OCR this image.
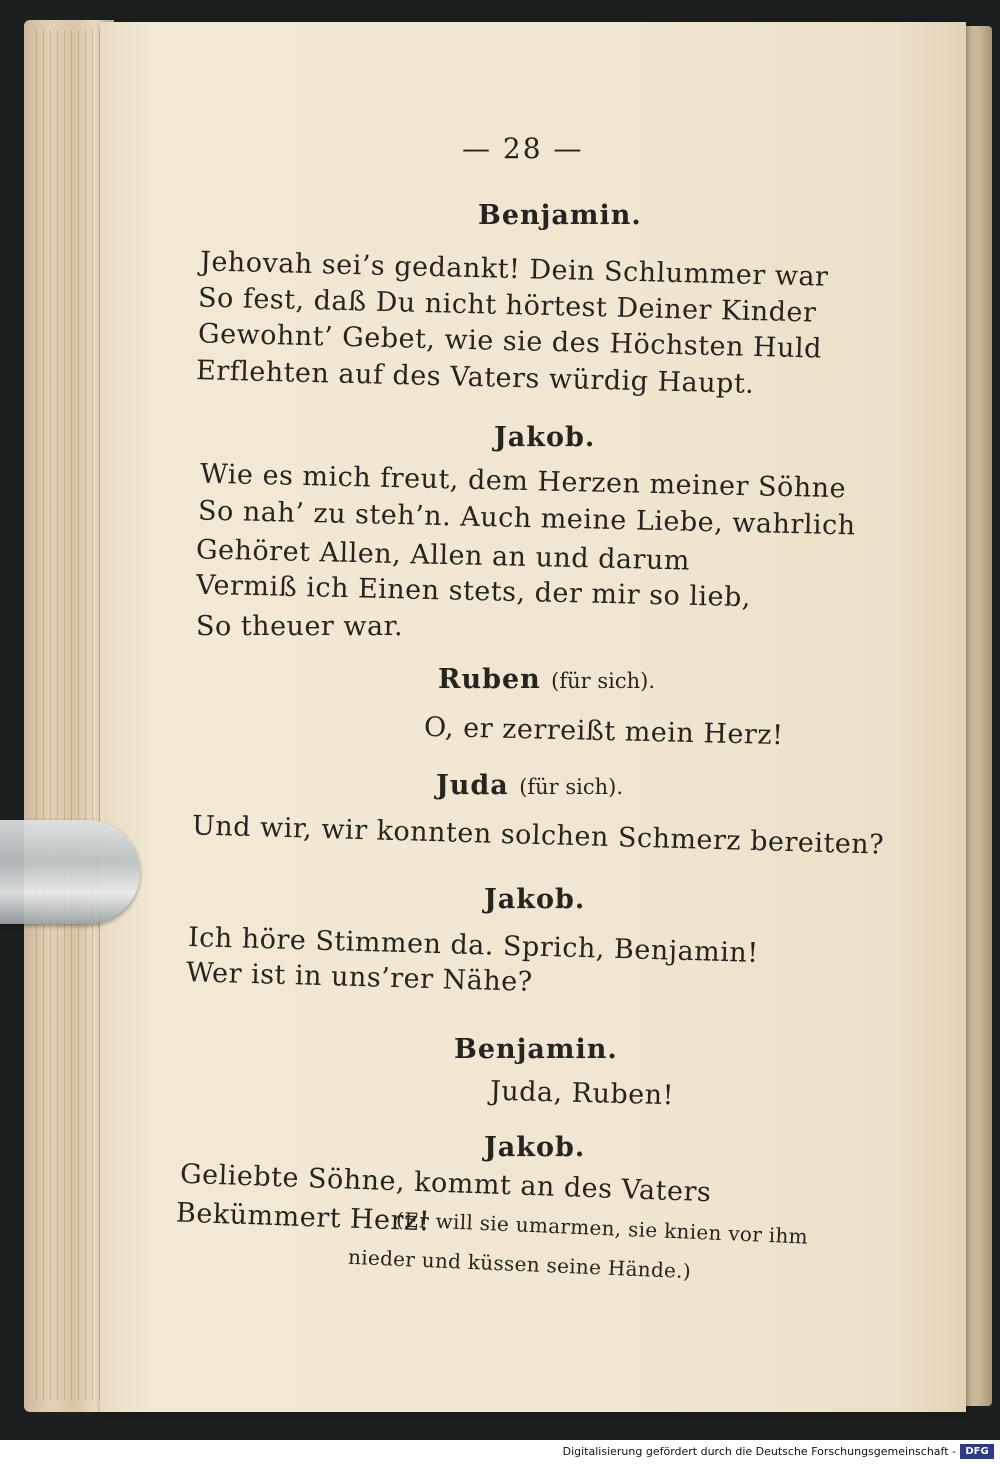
— 28 —
Benjamin.
Jehovah sei’s gedankt! Dein Schlummer war
So fest, daß Du nicht hörtest Deiner Kinder
Gewohnt’ Gebet, wie sie des Höchsten Huld
Erflehten auf des Vaters würdig Haupt.
Jakob.
Wie es mich freut, dem Herzen meiner Söhne
So nah’ zu steh’n. Auch meine Liebe, wahrlich
Gehöret Allen, Allen an und darum
Vermiß ich Einen stets, der mir so lieb,
So theuer war.
Ruben (für sich).
O, er zerreißt mein Herz!
Juda (für sich).
Und wir, wir konnten solchen Schmerz bereiten?
Jakob.
Ich höre Stimmen da. Sprich, Benjamin!
Wer ist in uns’rer Nähe?
Benjamin.
Juda, Ruben!
Jakob.
Geliebte Söhne, kommt an des Vaters
Bekümmert Herz!
(Er will sie umarmen, sie knien vor ihm
nieder und küssen seine Hände.)
Digitalisierung gefördert durch die Deutsche Forschungsgemeinschaft - DFG
